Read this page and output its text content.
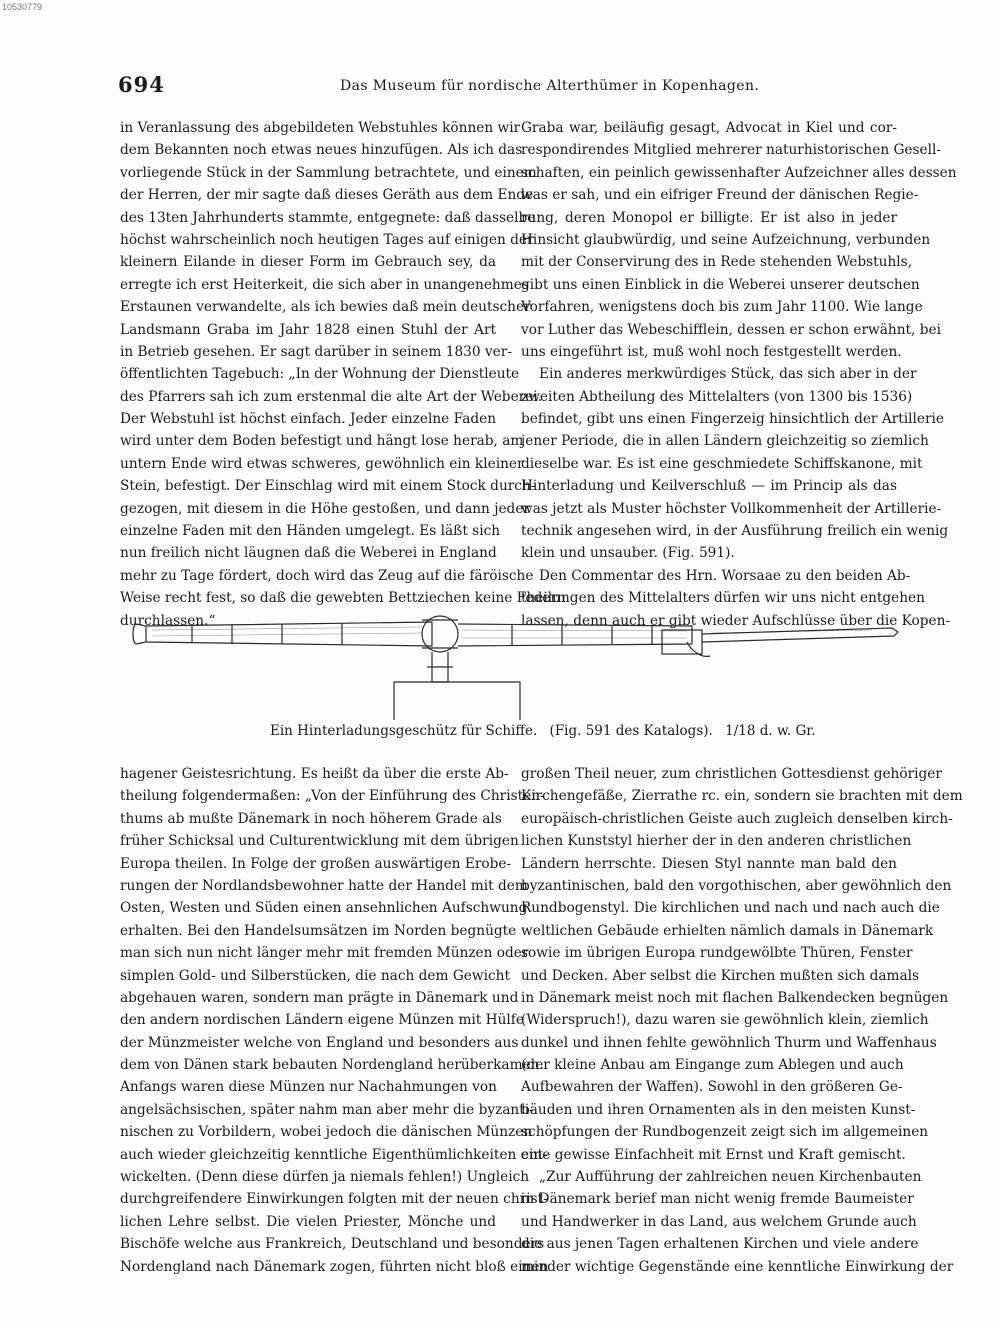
10530779
694	Das Museum für nordische Alterthümer in Kopenhagen.
in Veranlassung des abgebildeten Webstuhles können wir
dem Bekannten noch etwas neues hinzufügen. Als ich das
vorliegende Stück in der Sammlung betrachtete, und einem
der Herren, der mir sagte daß dieses Geräth aus dem Ende
des 13ten Jahrhunderts stammte, entgegnete: daß dasselbe
höchst wahrscheinlich noch heutigen Tages auf einigen der
kleinern Eilande in dieser Form im Gebrauch sey, da
erregte ich erst Heiterkeit, die sich aber in unangenehmes
Erstaunen verwandelte, als ich bewies daß mein deutscher
Landsmann Graba im Jahr 1828 einen Stuhl der Art
in Betrieb gesehen. Er sagt darüber in seinem 1830 ver-
öffentlichten Tagebuch: „In der Wohnung der Dienstleute
des Pfarrers sah ich zum erstenmal die alte Art der Weberei.
Der Webstuhl ist höchst einfach. Jeder einzelne Faden
wird unter dem Boden befestigt und hängt lose herab, am
untern Ende wird etwas schweres, gewöhnlich ein kleiner
Stein, befestigt. Der Einschlag wird mit einem Stock durch-
gezogen, mit diesem in die Höhe gestoßen, und dann jeder
einzelne Faden mit den Händen umgelegt. Es läßt sich
nun freilich nicht läugnen daß die Weberei in England
mehr zu Tage fördert, doch wird das Zeug auf die färöische
Weise recht fest, so daß die gewebten Bettziechen keine Federn
durchlassen.“
Graba war, beiläufig gesagt, Advocat in Kiel und cor-
respondirendes Mitglied mehrerer naturhistorischen Gesell-
schaften, ein peinlich gewissenhafter Aufzeichner alles dessen
was er sah, und ein eifriger Freund der dänischen Regie-
rung, deren Monopol er billigte. Er ist also in jeder
Hinsicht glaubwürdig, und seine Aufzeichnung, verbunden
mit der Conservirung des in Rede stehenden Webstuhls,
gibt uns einen Einblick in die Weberei unserer deutschen
Vorfahren, wenigstens doch bis zum Jahr 1100. Wie lange
vor Luther das Webeschifflein, dessen er schon erwähnt, bei
uns eingeführt ist, muß wohl noch festgestellt werden.
Ein anderes merkwürdiges Stück, das sich aber in der
zweiten Abtheilung des Mittelalters (von 1300 bis 1536)
befindet, gibt uns einen Fingerzeig hinsichtlich der Artillerie
jener Periode, die in allen Ländern gleichzeitig so ziemlich
dieselbe war. Es ist eine geschmiedete Schiffskanone, mit
Hinterladung und Keilverschluß — im Princip als das
was jetzt als Muster höchster Vollkommenheit der Artillerie-
technik angesehen wird, in der Ausführung freilich ein wenig
klein und unsauber. (Fig. 591).
Den Commentar des Hrn. Worsaae zu den beiden Ab-
theilungen des Mittelalters dürfen wir uns nicht entgehen
lassen, denn auch er gibt wieder Aufschlüsse über die Kopen-
Ein Hinterladungsgeschütz für Schiffe. (Fig. 591 des Katalogs). 1/18 d. w. Gr.
hagener Geistesrichtung. Es heißt da über die erste Ab-
theilung folgendermaßen: „Von der Einführung des Christen-
thums ab mußte Dänemark in noch höherem Grade als
früher Schicksal und Culturentwicklung mit dem übrigen
Europa theilen. In Folge der großen auswärtigen Erobe-
rungen der Nordlandsbewohner hatte der Handel mit dem
Osten, Westen und Süden einen ansehnlichen Aufschwung
erhalten. Bei den Handelsumsätzen im Norden begnügte
man sich nun nicht länger mehr mit fremden Münzen oder
simplen Gold- und Silberstücken, die nach dem Gewicht
abgehauen waren, sondern man prägte in Dänemark und
den andern nordischen Ländern eigene Münzen mit Hülfe
der Münzmeister welche von England und besonders aus
dem von Dänen stark bebauten Nordengland herüberkamen.
Anfangs waren diese Münzen nur Nachahmungen von
angelsächsischen, später nahm man aber mehr die byzanti-
nischen zu Vorbildern, wobei jedoch die dänischen Münzen
auch wieder gleichzeitig kenntliche Eigenthümlichkeiten ent-
wickelten. (Denn diese dürfen ja niemals fehlen!) Ungleich
durchgreifendere Einwirkungen folgten mit der neuen christ-
lichen Lehre selbst. Die vielen Priester, Mönche und
Bischöfe welche aus Frankreich, Deutschland und besonders
Nordengland nach Dänemark zogen, führten nicht bloß einen
großen Theil neuer, zum christlichen Gottesdienst gehöriger
Kirchengefäße, Zierrathe rc. ein, sondern sie brachten mit dem
europäisch-christlichen Geiste auch zugleich denselben kirch-
lichen Kunststyl hierher der in den anderen christlichen
Ländern herrschte. Diesen Styl nannte man bald den
byzantinischen, bald den vorgothischen, aber gewöhnlich den
Rundbogenstyl. Die kirchlichen und nach und nach auch die
weltlichen Gebäude erhielten nämlich damals in Dänemark
sowie im übrigen Europa rundgewölbte Thüren, Fenster
und Decken. Aber selbst die Kirchen mußten sich damals
in Dänemark meist noch mit flachen Balkendecken begnügen
(Widerspruch!), dazu waren sie gewöhnlich klein, ziemlich
dunkel und ihnen fehlte gewöhnlich Thurm und Waffenhaus
(der kleine Anbau am Eingange zum Ablegen und auch
Aufbewahren der Waffen). Sowohl in den größeren Ge-
bäuden und ihren Ornamenten als in den meisten Kunst-
schöpfungen der Rundbogenzeit zeigt sich im allgemeinen
eine gewisse Einfachheit mit Ernst und Kraft gemischt.
„Zur Aufführung der zahlreichen neuen Kirchenbauten
in Dänemark berief man nicht wenig fremde Baumeister
und Handwerker in das Land, aus welchem Grunde auch
die aus jenen Tagen erhaltenen Kirchen und viele andere
minder wichtige Gegenstände eine kenntliche Einwirkung der
